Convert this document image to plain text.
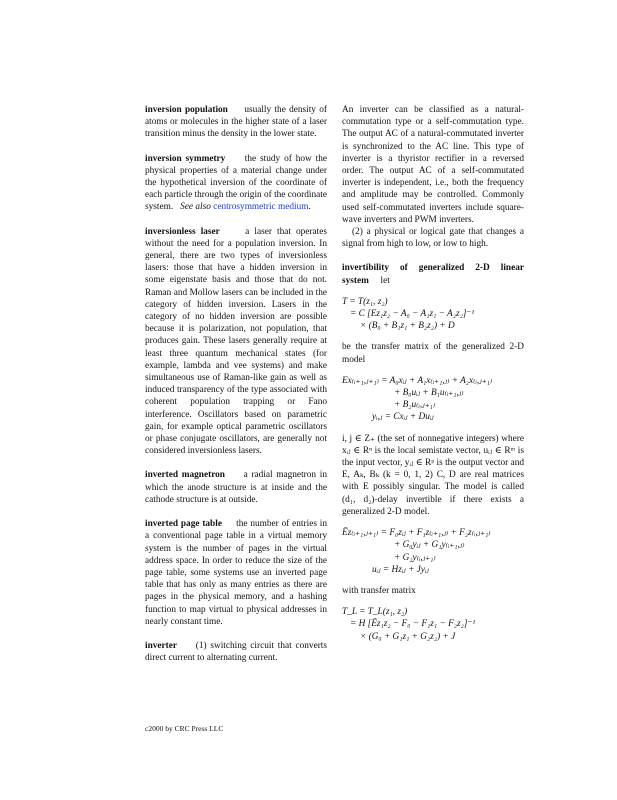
inversion population usually the density of atoms or molecules in the higher state of a laser transition minus the density in the lower state.

inversion symmetry the study of how the physical properties of a material change under the hypothetical inversion of the coordinate of each particle through the origin of the coordinate system. See also centrosymmetric medium.

inversionless laser	a laser that operates without the need for a population inversion. In general, there are two types of inversionless lasers: those that have a hidden inversion in some eigenstate basis and those that do not. Raman and Mollow lasers can be included in the category of hidden inversion. Lasers in the category of no hidden inversion are possible because it is polarization, not population, that produces gain. These lasers generally require at least three quantum mechanical states (for example, lambda and vee systems) and make simultaneous use of Raman-like gain as well as induced transparency of the type associated with coherent population trapping or Fano interference. Oscillators based on parametric gain, for example optical parametric oscillators or phase conjugate oscillators, are generally not considered inversionless lasers.

inverted magnetron a radial magnetron in which the anode structure is at inside and the cathode structure is at outside.

inverted page table the number of entries in a conventional page table in a virtual memory system is the number of pages in the virtual address space. In order to reduce the size of the page table, some systems use an inverted page table that has only as many entries as there are pages in the physical memory, and a hashing function to map virtual to physical addresses in nearly constant time.

inverter (1) switching circuit that converts direct current to alternating current.

An inverter can be classified as a natural-commutation type or a self-commutation type. The output AC of a natural-commutated inverter is synchronized to the AC line. This type of inverter is a thyristor rectifier in a reversed order. The output AC of a self-commutated inverter is independent, i.e., both the frequency and amplitude may be controlled. Commonly used self-commutated inverters include square-wave inverters and PWM inverters.

(2) a physical or logical gate that changes a signal from high to low, or low to high.

invertibility of generalized 2-D linear system let

T = T(z₁, z₂)
= C [Ez₁z₂ − A₀ − A₁z₁ − A₂z₂]⁻¹
× (B₀ + B₁z₁ + B₂z₂) + D

be the transfer matrix of the generalized 2-D model

Ex₍ᵢ₊₁,ⱼ₊₁₎ = A₀xᵢⱼ + A₁x₍ᵢ₊₁,ⱼ₎ + A₂x₍ᵢ,ⱼ₊₁₎
+ B₀uᵢⱼ + B₁u₍ᵢ₊₁,ⱼ₎
+ B₂u₍ᵢ,ⱼ₊₁₎
yᵢ,ⱼ = Cxᵢⱼ + Duᵢⱼ

i, j ∈ Z₊ (the set of nonnegative integers) where xᵢⱼ ∈ Rⁿ is the local semistate vector, uᵢⱼ ∈ Rᵐ is the input vector, yᵢⱼ ∈ Rᵖ is the output vector and E, Aₖ, Bₖ (k = 0, 1, 2) C, D are real matrices with E possibly singular. The model is called (d₁, d₂)-delay invertible if there exists a generalized 2-D model.

Ēz₍ᵢ₊₁,ⱼ₊₁₎ = F₀zᵢⱼ + F₁z₍ᵢ₊₁,ⱼ₎ + F₂z₍ᵢ,ⱼ₊₁₎
+ G₀yᵢⱼ + G₁y₍ᵢ₊₁,ⱼ₎
+ G₂y₍ᵢ,ⱼ₊₁₎
uᵢⱼ = Hzᵢⱼ + Jyᵢⱼ

with transfer matrix

T_L = T_L(z₁, z₂)
= H [Ēz₁z₂ − F₀ − F₁z₁ − F₂z₂]⁻¹
× (G₀ + G₁z₁ + G₂z₂) + J
c2000 by CRC Press LLC
